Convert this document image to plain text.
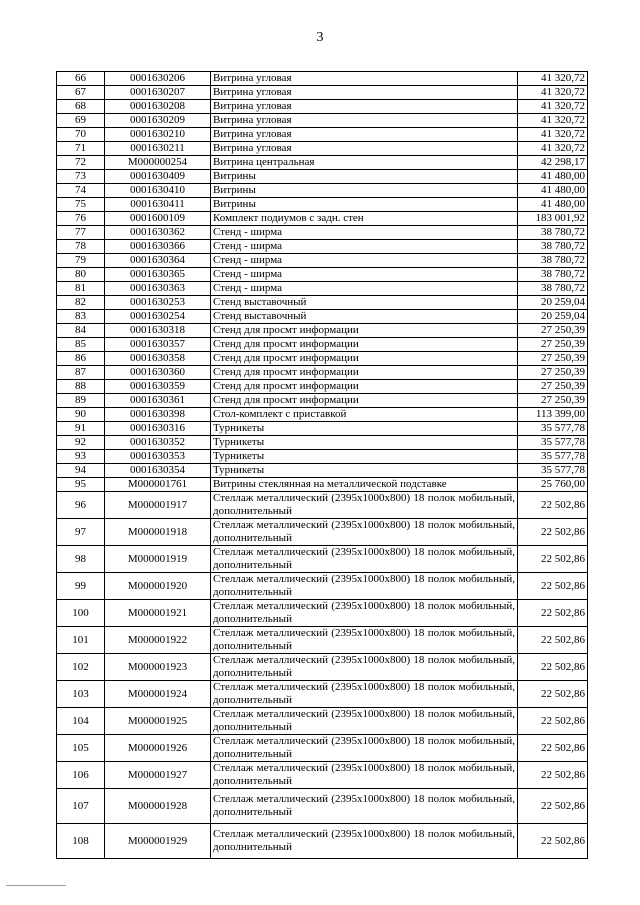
3
66	0001630206	Витрина угловая	41 320,72
67	0001630207	Витрина угловая	41 320,72
68	0001630208	Витрина угловая	41 320,72
69	0001630209	Витрина угловая	41 320,72
70	0001630210	Витрина угловая	41 320,72
71	0001630211	Витрина угловая	41 320,72
72	M000000254	Витрина центральная	42 298,17
73	0001630409	Витрины	41 480,00
74	0001630410	Витрины	41 480,00
75	0001630411	Витрины	41 480,00
76	0001600109	Комплект подиумов с задн. стен	183 001,92
77	0001630362	Стенд - ширма	38 780,72
78	0001630366	Стенд - ширма	38 780,72
79	0001630364	Стенд - ширма	38 780,72
80	0001630365	Стенд - ширма	38 780,72
81	0001630363	Стенд - ширма	38 780,72
82	0001630253	Стенд выставочный	20 259,04
83	0001630254	Стенд выставочный	20 259,04
84	0001630318	Стенд для просмт информации	27 250,39
85	0001630357	Стенд для просмт информации	27 250,39
86	0001630358	Стенд для просмт информации	27 250,39
87	0001630360	Стенд для просмт информации	27 250,39
88	0001630359	Стенд для просмт информации	27 250,39
89	0001630361	Стенд для просмт информации	27 250,39
90	0001630398	Стол-комплект с приставкой	113 399,00
91	0001630316	Турникеты	35 577,78
92	0001630352	Турникеты	35 577,78
93	0001630353	Турникеты	35 577,78
94	0001630354	Турникеты	35 577,78
95	M000001761	Витрины стеклянная на металлической подставке	25 760,00
96	M000001917	Стеллаж металлический (2395x1000x800) 18 полок мобильный, дополнительный	22 502,86
97	M000001918	Стеллаж металлический (2395x1000x800) 18 полок мобильный, дополнительный	22 502,86
98	M000001919	Стеллаж металлический (2395x1000x800) 18 полок мобильный, дополнительный	22 502,86
99	M000001920	Стеллаж металлический (2395x1000x800) 18 полок мобильный, дополнительный	22 502,86
100	M000001921	Стеллаж металлический (2395x1000x800) 18 полок мобильный, дополнительный	22 502,86
101	M000001922	Стеллаж металлический (2395x1000x800) 18 полок мобильный, дополнительный	22 502,86
102	M000001923	Стеллаж металлический (2395x1000x800) 18 полок мобильный, дополнительный	22 502,86
103	M000001924	Стеллаж металлический (2395x1000x800) 18 полок мобильный, дополнительный	22 502,86
104	M000001925	Стеллаж металлический (2395x1000x800) 18 полок мобильный, дополнительный	22 502,86
105	M000001926	Стеллаж металлический (2395x1000x800) 18 полок мобильный, дополнительный	22 502,86
106	M000001927	Стеллаж металлический (2395x1000x800) 18 полок мобильный, дополнительный	22 502,86
107	M000001928	Стеллаж металлический (2395x1000x800) 18 полок мобильный, дополнительный	22 502,86
108	M000001929	Стеллаж металлический (2395x1000x800) 18 полок мобильный, дополнительный	22 502,86
